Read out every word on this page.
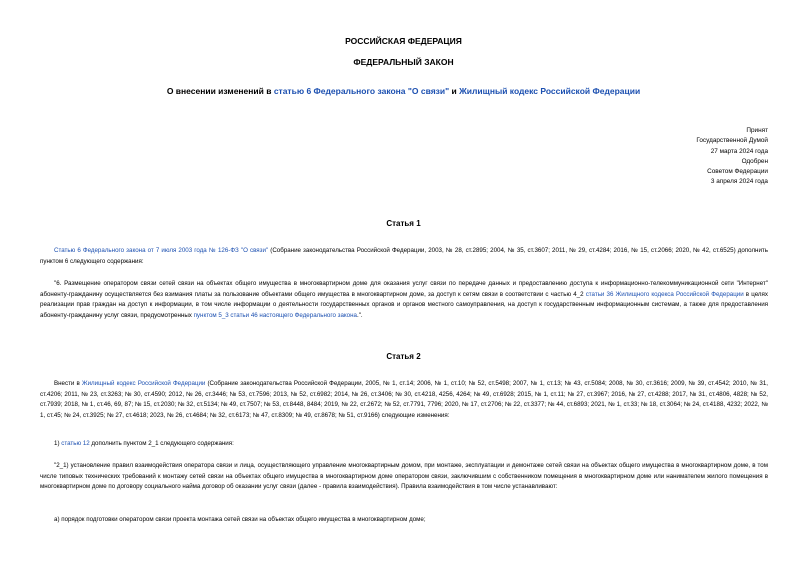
РОССИЙСКАЯ ФЕДЕРАЦИЯ
ФЕДЕРАЛЬНЫЙ ЗАКОН
О внесении изменений в статью 6 Федерального закона "О связи" и Жилищный кодекс Российской Федерации
Принят
Государственной Думой
27 марта 2024 года
Одобрен
Советом Федерации
3 апреля 2024 года
Статья 1

Статью 6 Федерального закона от 7 июля 2003 года № 126-ФЗ "О связи" (Собрание законодательства Российской Федерации, 2003, № 28, ст.2895; 2004, № 35, ст.3607; 2011, № 29, ст.4284; 2016, № 15, ст.2066; 2020, № 42, ст.6525) дополнить пунктом 6 следующего содержания:

"6. Размещение оператором связи сетей связи на объектах общего имущества в многоквартирном доме для оказания услуг связи по передаче данных и предоставлению доступа к информационно-телекоммуникационной сети "Интернет" абоненту-гражданину осуществляется без взимания платы за пользование объектами общего имущества в многоквартирном доме, за доступ к сетям связи в соответствии с частью 4_2 статьи 36 Жилищного кодекса Российской Федерации в целях реализации прав граждан на доступ к информации, в том числе информации о деятельности государственных органов и органов местного самоуправления, на доступ к государственным информационным системам, а также для предоставления абоненту-гражданину услуг связи, предусмотренных пунктом 5_3 статьи 46 настоящего Федерального закона.".

Статья 2

Внести в Жилищный кодекс Российской Федерации (Собрание законодательства Российской Федерации, 2005, № 1, ст.14; 2006, № 1, ст.10; № 52, ст.5498; 2007, № 1, ст.13; № 43, ст.5084; 2008, № 30, ст.3616; 2009, № 39, ст.4542; 2010, № 31, ст.4206; 2011, № 23, ст.3263; № 30, ст.4590; 2012, № 26, ст.3446; № 53, ст.7596; 2013, № 52, ст.6982; 2014, № 26, ст.3406; № 30, ст.4218, 4256, 4264; № 49, ст.6928; 2015, № 1, ст.11; № 27, ст.3967; 2016, № 27, ст.4288; 2017, № 31, ст.4806, 4828; № 52, ст.7939; 2018, № 1, ст.46, 69, 87; № 15, ст.2030; № 32, ст.5134; № 49, ст.7507; № 53, ст.8448, 8484; 2019, № 22, ст.2672; № 52, ст.7791, 7796; 2020, № 17, ст.2706; № 22, ст.3377; № 44, ст.6893; 2021, № 1, ст.33; № 18, ст.3064; № 24, ст.4188, 4232; 2022, № 1, ст.45; № 24, ст.3925; № 27, ст.4618; 2023, № 26, ст.4684; № 32, ст.6173; № 47, ст.8309; № 49, ст.8678; № 51, ст.9166) следующие изменения:

1) статью 12 дополнить пунктом 2_1 следующего содержания:

"2_1) установление правил взаимодействия оператора связи и лица, осуществляющего управление многоквартирным домом, при монтаже, эксплуатации и демонтаже сетей связи на объектах общего имущества в многоквартирном доме, в том числе типовых технических требований к монтажу сетей связи на объектах общего имущества в многоквартирном доме оператором связи, заключившим с собственником помещения в многоквартирном доме или нанимателем жилого помещения в многоквартирном доме по договору социального найма договор об оказании услуг связи (далее - правила взаимодействия). Правила взаимодействия в том числе устанавливают:

а) порядок подготовки оператором связи проекта монтажа сетей связи на объектах общего имущества в многоквартирном доме;
